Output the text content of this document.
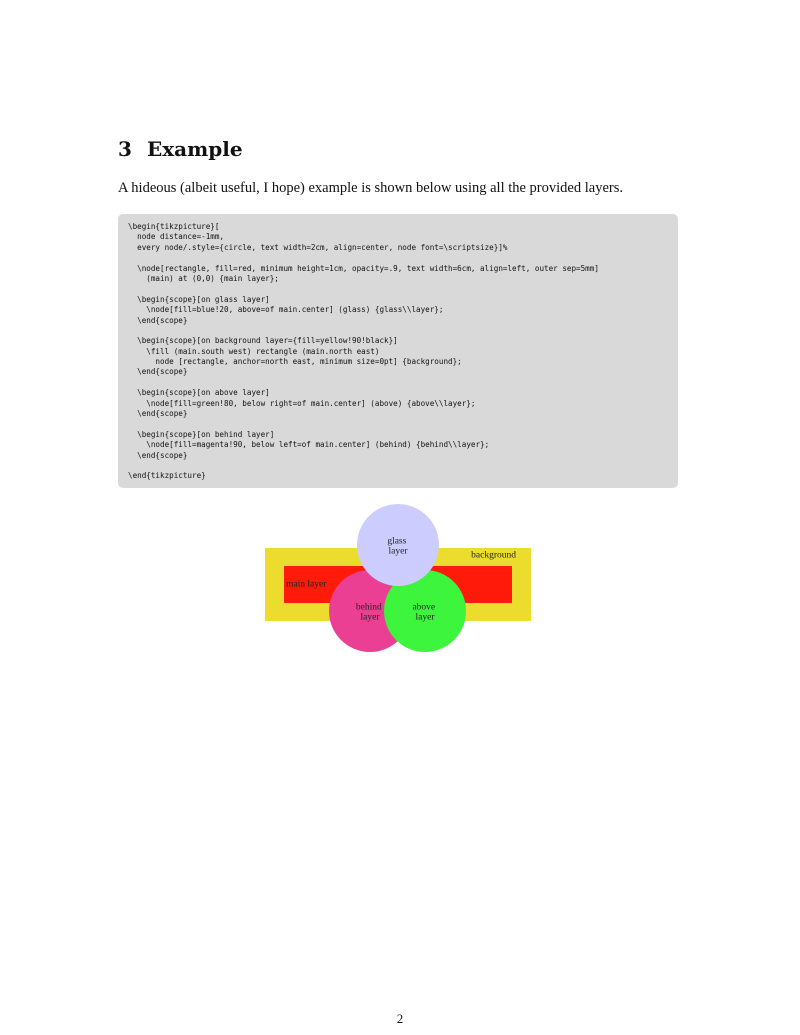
3 Example

A hideous (albeit useful, I hope) example is shown below using all the provided layers.

\begin{tikzpicture}[
node distance=-1mm,
every node/.style={circle, text width=2cm, align=center, node font=\scriptsize}]%
\node[rectangle, fill=red, minimum height=1cm, opacity=.9, text width=6cm, align=left, outer sep=5mm]
(main) at (0,0) {main layer};
\begin{scope}[on glass layer]
\node[fill=blue!20, above=of main.center] (glass) {glass\\layer};
\end{scope}
\begin{scope}[on background layer={fill=yellow!90!black}]
\fill (main.south west) rectangle (main.north east)
node [rectangle, anchor=north east, minimum size=0pt] {background};
\end{scope}
\begin{scope}[on above layer]
\node[fill=green!80, below right=of main.center] (above) {above\\layer};
\end{scope}
\begin{scope}[on behind layer]
\node[fill=magenta!90, below left=of main.center] (behind) {behind\\layer};
\end{scope}
\end{tikzpicture}
background
main layer
behind layer
above layer
glass layer
2
